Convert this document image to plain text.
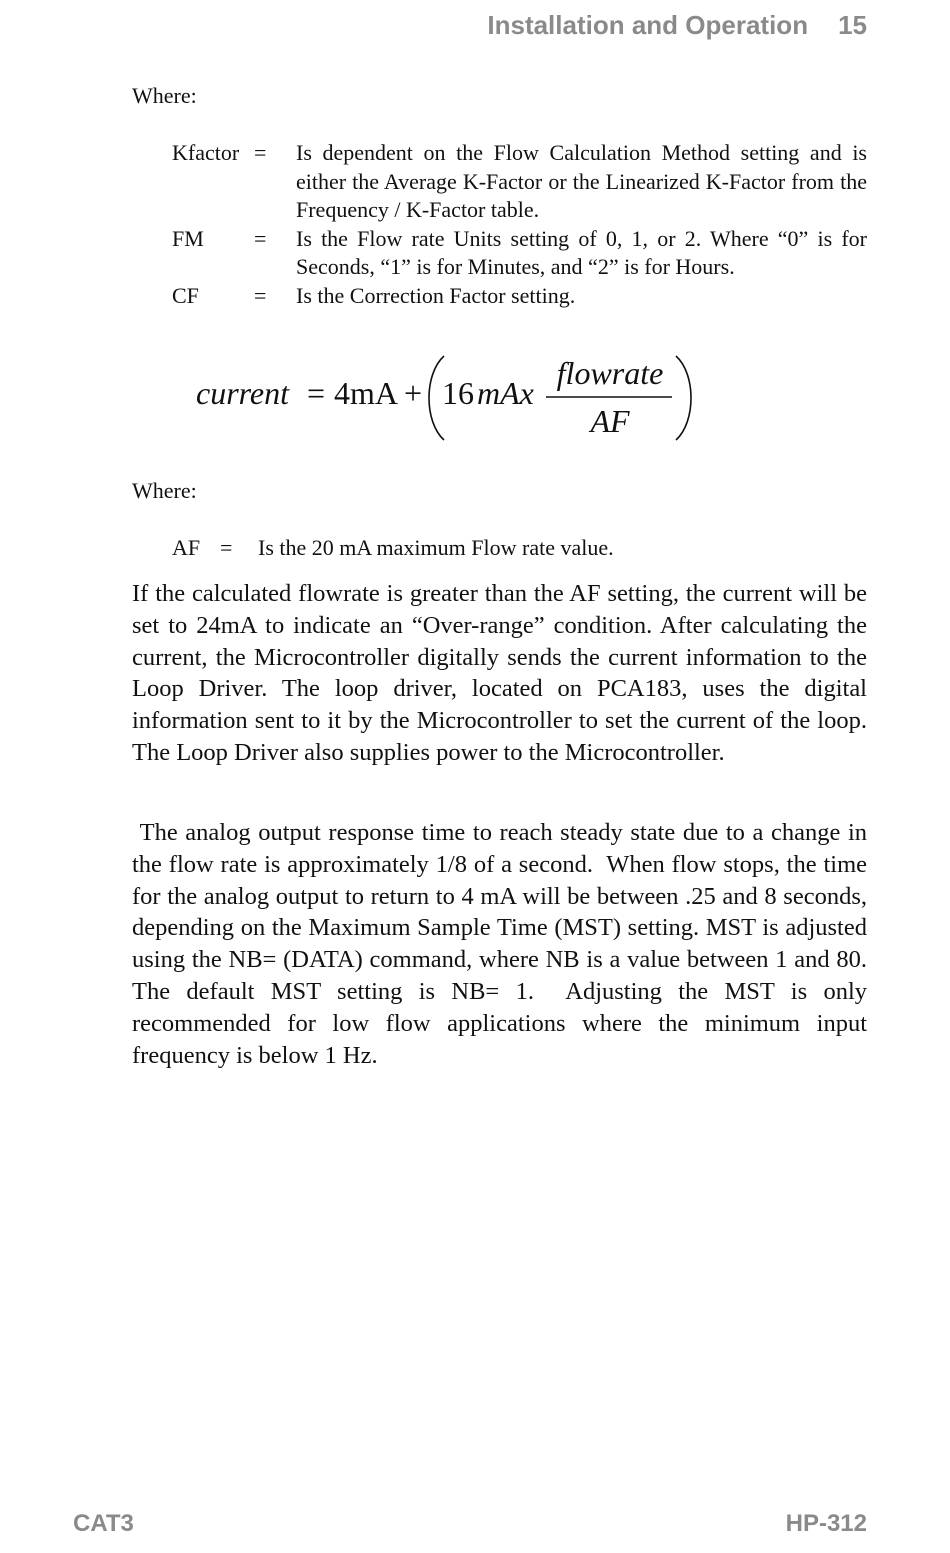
Installation and Operation 15
Where:
Kfactor =	Is dependent on the Flow Calculation Method setting and is either the Average K-Factor or the Linearized K-Factor from the Frequency / K-Factor table.
FM	=	Is the Flow rate Units setting of 0, 1, or 2. Where “0” is for Seconds, “1” is for Minutes, and “2” is for Hours.
CF	=	Is the Correction Factor setting.
current = 4mA + 16 mAx
flowrate
AF
Where:
AF =	Is the 20 mA maximum Flow rate value.

If the calculated flowrate is greater than the AF setting, the current will be set to 24mA to indicate an “Over-range” condition. After calculating the current, the Microcontroller digitally sends the current information to the Loop Driver. The loop driver, located on PCA183, uses the digital information sent to it by the Microcontroller to set the current of the loop. The Loop Driver also supplies power to the Microcontroller.

The analog output response time to reach steady state due to a change in the flow rate is approximately 1/8 of a second.  When flow stops, the time for the analog output to return to 4 mA will be between .25 and 8 seconds, depending on the Maximum Sample Time (MST) setting. MST is adjusted using the NB= (DATA) command, where NB is a value between 1 and 80.  The default MST setting is NB= 1.  Adjusting the MST is only recommended for low flow applications where the minimum input frequency is below 1 Hz.

CAT3	HP-312
